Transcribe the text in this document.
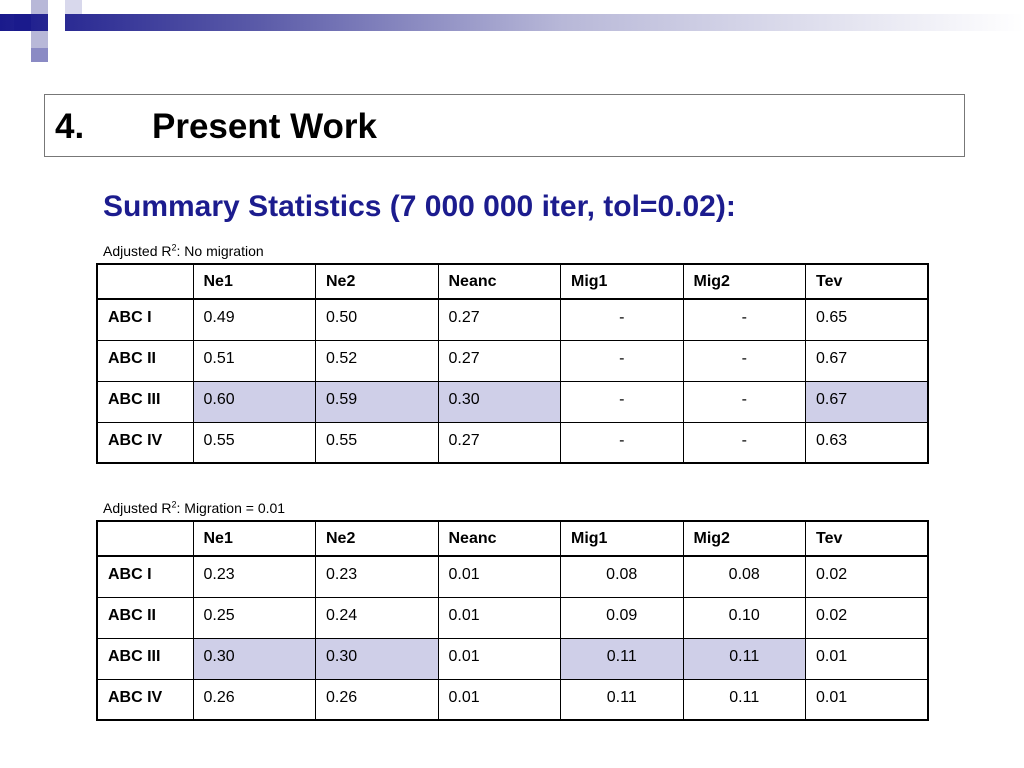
4. Present Work
Summary Statistics (7 000 000 iter, tol=0.02):
Adjusted $R^2$: No migration
	Ne1	Ne2	Neanc	Mig1	Mig2	Tev
ABC I	0.49	0.50	0.27	-	-	0.65
ABC II	0.51	0.52	0.27	-	-	0.67
ABC III	0.60	0.59	0.30	-	-	0.67
ABC IV	0.55	0.55	0.27	-	-	0.63
Adjusted $R^2$: Migration = 0.01
	Ne1	Ne2	Neanc	Mig1	Mig2	Tev
ABC I	0.23	0.23	0.01	0.08	0.08	0.02
ABC II	0.25	0.24	0.01	0.09	0.10	0.02
ABC III	0.30	0.30	0.01	0.11	0.11	0.01
ABC IV	0.26	0.26	0.01	0.11	0.11	0.01
